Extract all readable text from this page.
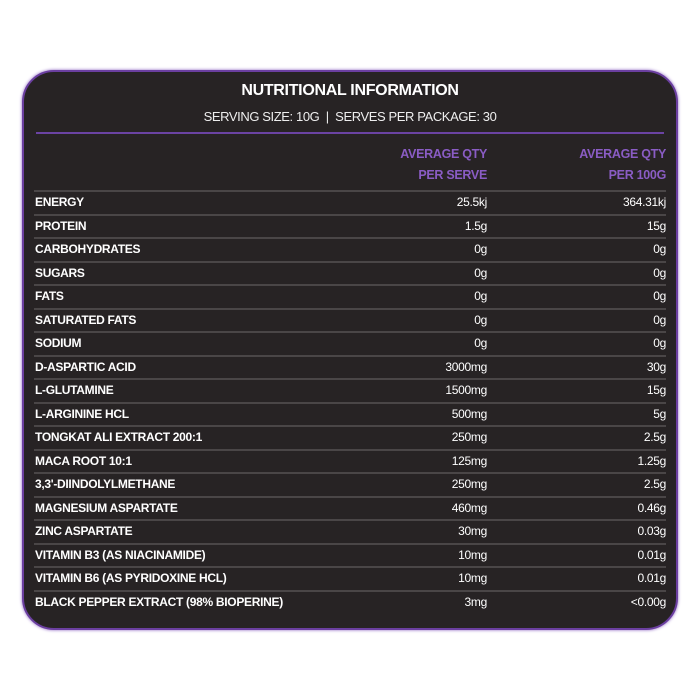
NUTRITIONAL INFORMATION
SERVING SIZE: 10G  |  SERVES PER PACKAGE: 30
AVERAGE QTY
PER SERVE
AVERAGE QTY
PER 100G
ENERGY	25.5kj	364.31kj
PROTEIN	1.5g	15g
CARBOHYDRATES	0g	0g
SUGARS	0g	0g
FATS	0g	0g
SATURATED FATS	0g	0g
SODIUM	0g	0g
D-ASPARTIC ACID	3000mg	30g
L-GLUTAMINE	1500mg	15g
L-ARGININE HCL	500mg	5g
TONGKAT ALI EXTRACT 200:1	250mg	2.5g
MACA ROOT 10:1	125mg	1.25g
3,3'-DIINDOLYLMETHANE	250mg	2.5g
MAGNESIUM ASPARTATE	460mg	0.46g
ZINC ASPARTATE	30mg	0.03g
VITAMIN B3 (AS NIACINAMIDE)	10mg	0.01g
VITAMIN B6 (AS PYRIDOXINE HCL)	10mg	0.01g
BLACK PEPPER EXTRACT (98% BIOPERINE)	3mg	<0.00g
